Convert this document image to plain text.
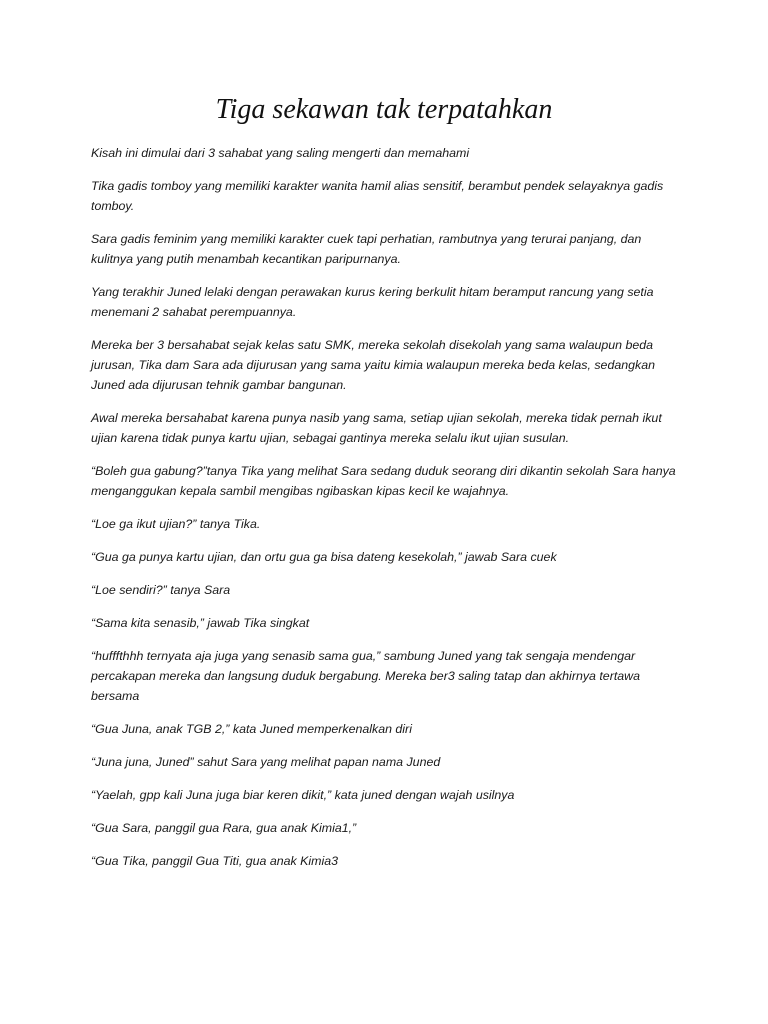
Tiga sekawan tak terpatahkan

Kisah ini dimulai dari 3 sahabat yang saling mengerti dan memahami

Tika gadis tomboy yang memiliki karakter wanita hamil alias sensitif, berambut pendek selayaknya gadis tomboy.

Sara gadis feminim yang memiliki karakter cuek tapi perhatian, rambutnya yang terurai panjang, dan kulitnya yang putih menambah kecantikan paripurnanya.

Yang terakhir Juned lelaki dengan perawakan kurus kering berkulit hitam beramput rancung yang setia menemani 2 sahabat perempuannya.

Mereka ber 3 bersahabat sejak kelas satu SMK, mereka sekolah disekolah yang sama walaupun beda jurusan, Tika dam Sara ada dijurusan yang sama yaitu kimia walaupun mereka beda kelas, sedangkan Juned ada dijurusan tehnik gambar bangunan.

Awal mereka bersahabat karena punya nasib yang sama, setiap ujian sekolah, mereka tidak pernah ikut ujian karena tidak punya kartu ujian, sebagai gantinya mereka selalu ikut ujian susulan.

“Boleh gua gabung?”tanya Tika yang melihat Sara sedang duduk seorang diri dikantin sekolah Sara hanya menganggukan kepala sambil mengibas ngibaskan kipas kecil ke wajahnya.

“Loe ga ikut ujian?” tanya Tika.

“Gua ga punya kartu ujian, dan ortu gua ga bisa dateng kesekolah,” jawab Sara cuek

“Loe sendiri?” tanya Sara

“Sama kita senasib,” jawab Tika singkat

“hufffthhh ternyata aja juga yang senasib sama gua,” sambung Juned yang tak sengaja mendengar percakapan mereka dan langsung duduk bergabung. Mereka ber3 saling tatap dan akhirnya tertawa bersama

“Gua Juna, anak TGB 2,” kata Juned memperkenalkan diri

“Juna juna, Juned” sahut Sara yang melihat papan nama Juned

“Yaelah, gpp kali Juna juga biar keren dikit,” kata juned dengan wajah usilnya

“Gua Sara, panggil gua Rara, gua anak Kimia1,”

“Gua Tika, panggil Gua Titi, gua anak Kimia3
